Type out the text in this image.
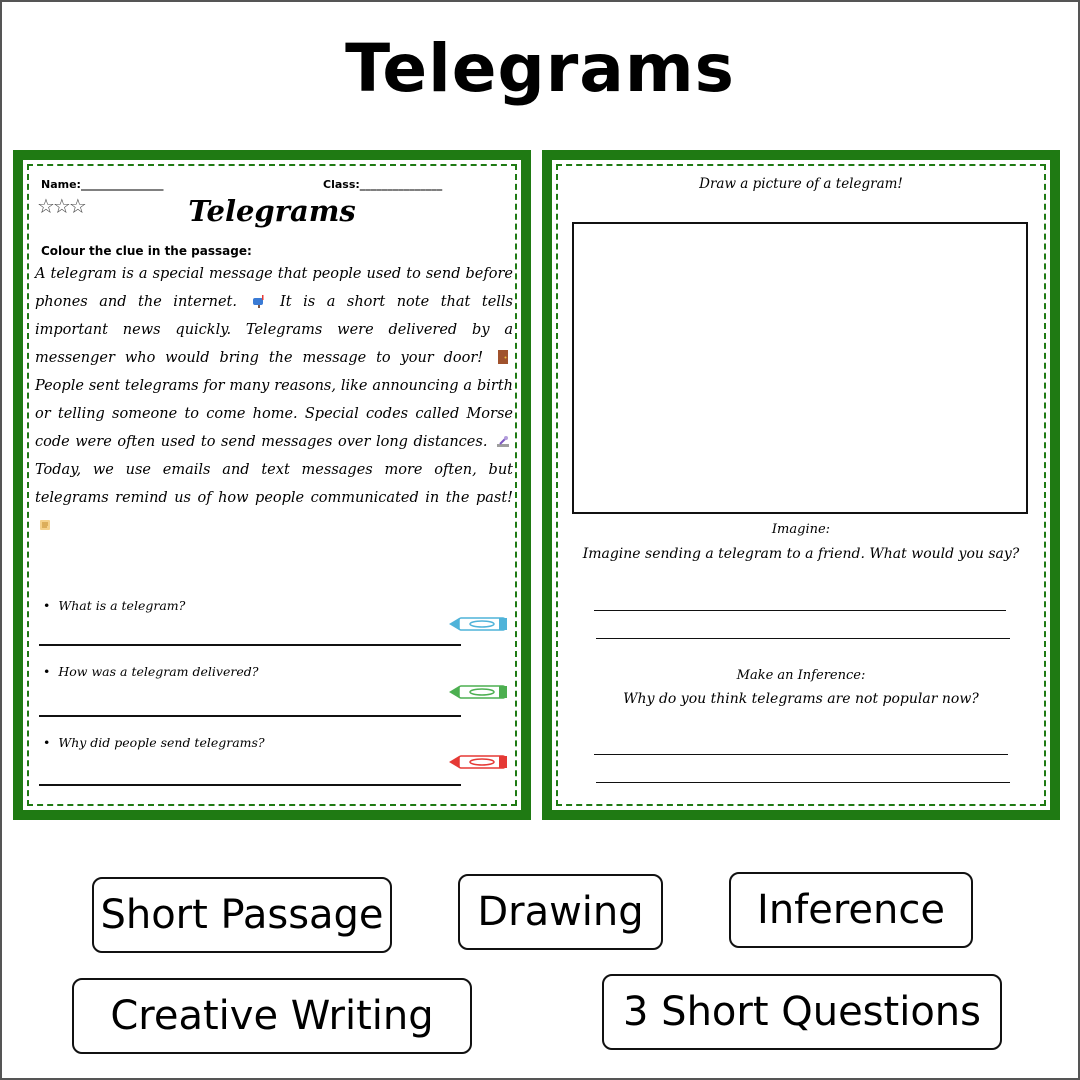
Telegrams
Name:_______________	Class:_______________
☆☆☆	Telegrams
Colour the clue in the passage:
A telegram is a special message that people used to send before phones and the internet.	It is a short note that tells important news quickly. Telegrams were delivered by a messenger who would bring the message to your door!  People sent telegrams for many reasons, like announcing a birth or telling someone to come home. Special codes called Morse code were often used to send messages over long distances.  Today, we use emails and text messages more often, but telegrams remind us of how people communicated in the past!
• What is a telegram?
• How was a telegram delivered?
• Why did people send telegrams?
Draw a picture of a telegram!
Imagine:
Imagine sending a telegram to a friend. What would you say?
Make an Inference:
Why do you think telegrams are not popular now?
Short Passage	Drawing	Inference
Creative Writing	3 Short Questions
